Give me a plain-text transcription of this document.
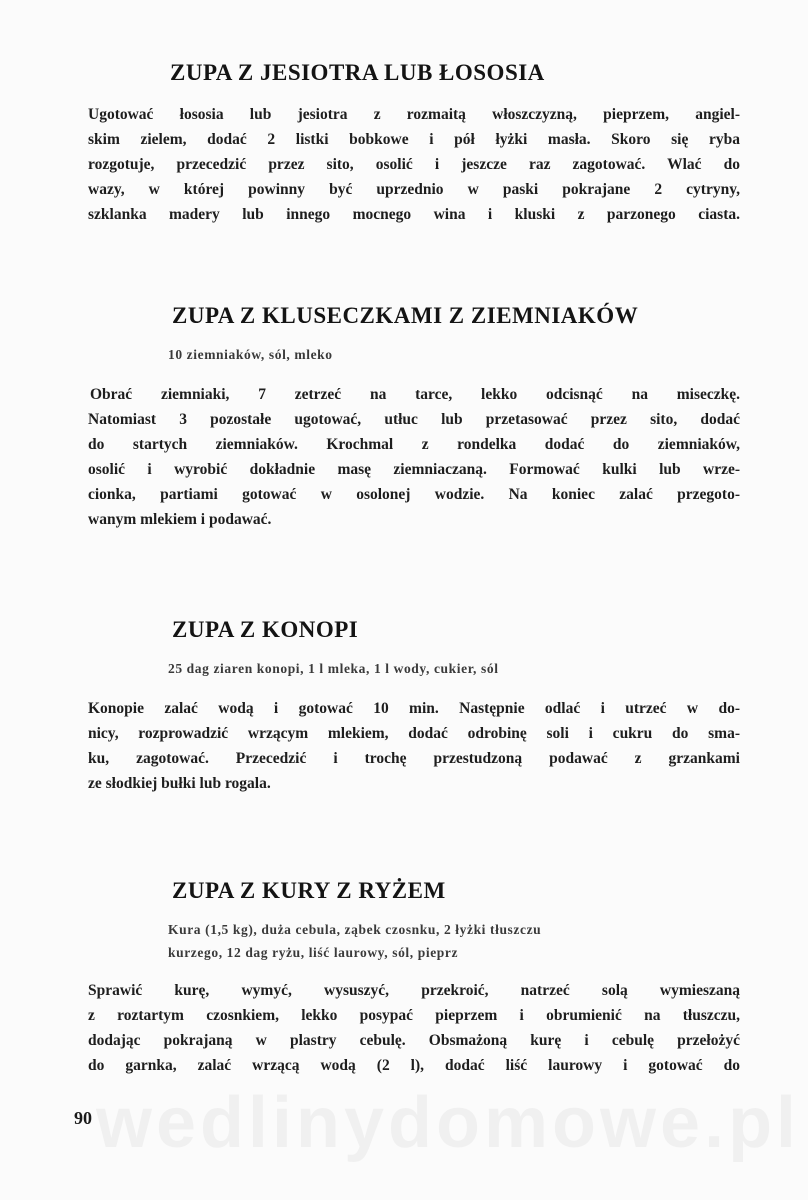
ZUPA Z JESIOTRA LUB ŁOSOSIA
Ugotować łososia lub jesiotra z rozmaitą włoszczyzną, pieprzem, angiel-
skim zielem, dodać 2 listki bobkowe i pół łyżki masła. Skoro się ryba
rozgotuje, przecedzić przez sito, osolić i jeszcze raz zagotować. Wlać do
wazy, w której powinny być uprzednio w paski pokrajane 2 cytryny,
szklanka madery lub innego mocnego wina i kluski z parzonego ciasta.
ZUPA Z KLUSECZKAMI Z ZIEMNIAKÓW

10 ziemniaków, sól, mleko

Obrać ziemniaki, 7 zetrzeć na tarce, lekko odcisnąć na miseczkę.
Natomiast 3 pozostałe ugotować, utłuc lub przetasować przez sito, dodać
do startych ziemniaków. Krochmal z rondelka dodać do ziemniaków,
osolić i wyrobić dokładnie masę ziemniaczaną. Formować kulki lub wrze-
cionka, partiami gotować w osolonej wodzie. Na koniec zalać przegoto-
wanym mlekiem i podawać.
ZUPA Z KONOPI

25 dag ziaren konopi, 1 l mleka, 1 l wody, cukier, sól

Konopie zalać wodą i gotować 10 min. Następnie odlać i utrzeć w do-
nicy, rozprowadzić wrzącym mlekiem, dodać odrobinę soli i cukru do sma-
ku, zagotować. Przecedzić i trochę przestudzoną podawać z grzankami
ze słodkiej bułki lub rogala.
ZUPA Z KURY Z RYŻEM

Kura (1,5 kg), duża cebula, ząbek czosnku, 2 łyżki tłuszczu

kurzego, 12 dag ryżu, liść laurowy, sól, pieprz

Sprawić kurę, wymyć, wysuszyć, przekroić, natrzeć solą wymieszaną
z roztartym czosnkiem, lekko posypać pieprzem i obrumienić na tłuszczu,
dodając pokrajaną w plastry cebulę. Obsmażoną kurę i cebulę przełożyć
do garnka, zalać wrzącą wodą (2 l), dodać liść laurowy i gotować do
90
